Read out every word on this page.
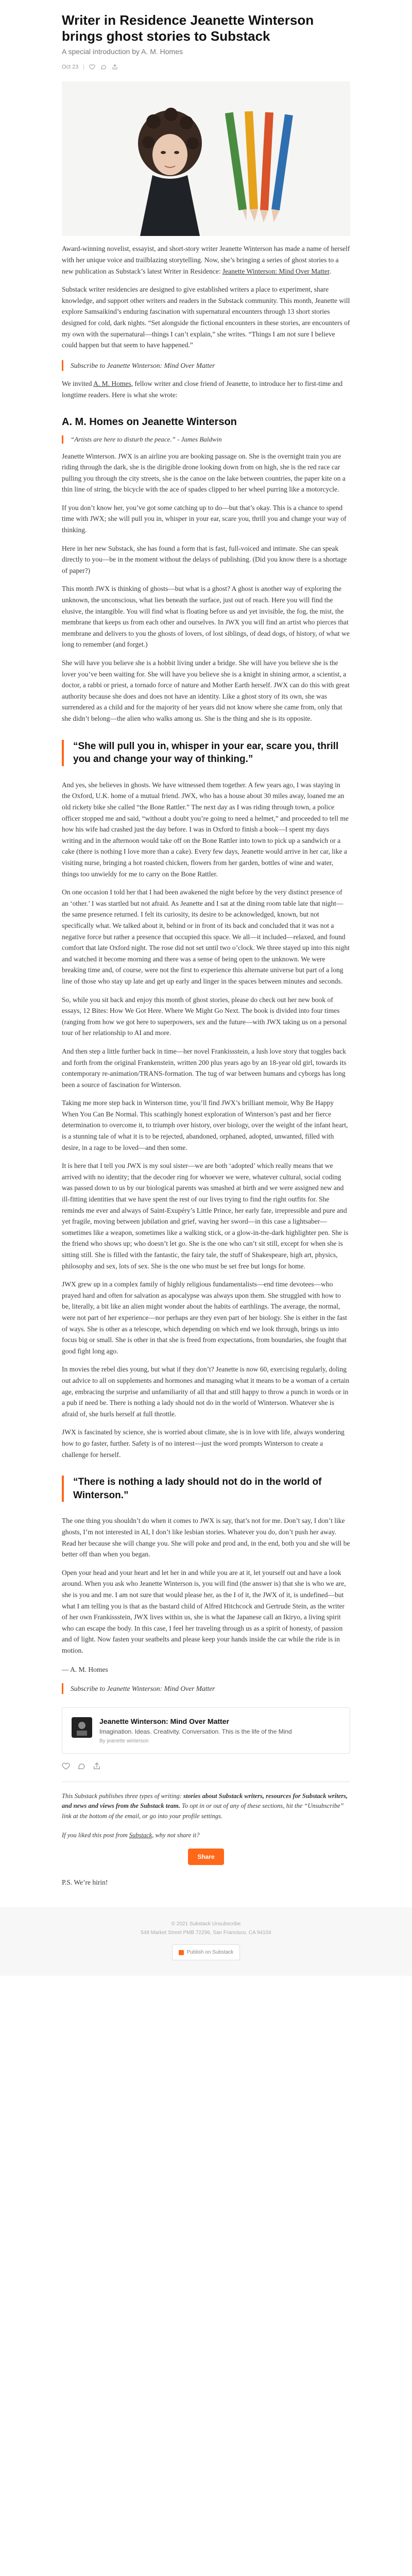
Writer in Residence Jeanette Winterson brings ghost stories to Substack
A special introduction by A. M. Homes
Oct 23

Award-winning novelist, essayist, and short-story writer Jeanette Winterson has made a name of herself with her unique voice and trailblazing storytelling. Now, she’s bringing a series of ghost stories to a new publication as Substack’s latest Writer in Residence: Jeanette Winterson: Mind Over Matter.

Substack writer residencies are designed to give established writers a place to experiment, share knowledge, and support other writers and readers in the Substack community. This month, Jeanette will explore Samsaikind’s enduring fascination with supernatural encounters through 13 short stories designed for cold, dark nights. “Set alongside the fictional encounters in these stories, are encounters of my own with the supernatural—things I can’t explain,” she writes. “Things I am not sure I believe could happen but that seem to have happened.”

Subscribe to Jeanette Winterson: Mind Over Matter

We invited A. M. Homes, fellow writer and close friend of Jeanette, to introduce her to first-time and longtime readers. Here is what she wrote:

A. M. Homes on Jeanette Winterson
“Artists are here to disturb the peace.” - James Baldwin

Jeanette Winterson. JWX is an airline you are booking passage on. She is the overnight train you are riding through the dark, she is the dirigible drone looking down from on high, she is the red race car pulling you through the city streets, she is the canoe on the lake between countries, the paper kite on a thin line of string, the bicycle with the ace of spades clipped to her wheel purring like a motorcycle.

If you don’t know her, you’ve got some catching up to do—but that’s okay. This is a chance to spend time with JWX; she will pull you in, whisper in your ear, scare you, thrill you and change your way of thinking.

Here in her new Substack, she has found a form that is fast, full-voiced and intimate. She can speak directly to you—be in the moment without the delays of publishing. (Did you know there is a shortage of paper?)

This month JWX is thinking of ghosts—but what is a ghost? A ghost is another way of exploring the unknown, the unconscious, what lies beneath the surface, just out of reach. Here you will find the elusive, the intangible. You will find what is floating before us and yet invisible, the fog, the mist, the membrane that keeps us from each other and ourselves. In JWX you will find an artist who pierces that membrane and delivers to you the ghosts of lovers, of lost siblings, of dead dogs, of history, of what we long to remember (and forget.)

She will have you believe she is a hobbit living under a bridge. She will have you believe she is the lover you’ve been waiting for. She will have you believe she is a knight in shining armor, a scientist, a doctor, a rabbi or priest, a tornado force of nature and Mother Earth herself. JWX can do this with great authority because she does and does not have an identity. Like a ghost story of its own, she was surrendered as a child and for the majority of her years did not know where she came from, only that she didn’t belong—the alien who walks among us. She is the thing and she is its opposite.

“She will pull you in, whisper in your ear, scare you, thrill you and change your way of thinking.”

And yes, she believes in ghosts. We have witnessed them together. A few years ago, I was staying in the Oxford, U.K. home of a mutual friend. JWX, who has a house about 30 miles away, loaned me an old rickety bike she called “the Bone Rattler.” The next day as I was riding through town, a police officer stopped me and said, “without a doubt you’re going to need a helmet,” and proceeded to tell me how his wife had crashed just the day before. I was in Oxford to finish a book—I spent my days writing and in the afternoon would take off on the Bone Rattler into town to pick up a sandwich or a cake (there is nothing I love more than a cake). Every few days, Jeanette would arrive in her car, like a visiting nurse, bringing a hot roasted chicken, flowers from her garden, bottles of wine and water, things too unwieldy for me to carry on the Bone Rattler.

On one occasion I told her that I had been awakened the night before by the very distinct presence of an ‘other.’ I was startled but not afraid. As Jeanette and I sat at the dining room table late that night—the same presence returned. I felt its curiosity, its desire to be acknowledged, known, but not specifically what. We talked about it, behind or in front of its back and concluded that it was not a negative force but rather a presence that occupied this space. We all—it included—relaxed, and found comfort that late Oxford night. The rose did not set until two o’clock. We three stayed up into this night and watched it become morning and there was a sense of being open to the unknown. We were breaking time and, of course, were not the first to experience this alternate universe but part of a long line of those who stay up late and get up early and linger in the spaces between minutes and seconds.

So, while you sit back and enjoy this month of ghost stories, please do check out her new book of essays, 12 Bites: How We Got Here. Where We Might Go Next. The book is divided into four times (ranging from how we got here to superpowers, sex and the future—with JWX taking us on a personal tour of her relationship to AI and more.

And then step a little further back in time—her novel Frankissstein, a lush love story that toggles back and forth from the original Frankenstein, written 200 plus years ago by an 18-year old girl, towards its contemporary re-animation/TRANS-formation. The tug of war between humans and cyborgs has long been a source of fascination for Winterson.

Taking me more step back in Winterson time, you’ll find JWX’s brilliant memoir, Why Be Happy When You Can Be Normal. This scathingly honest exploration of Winterson’s past and her fierce determination to overcome it, to triumph over history, over biology, over the weight of the infant heart, is a stunning tale of what it is to be rejected, abandoned, orphaned, adopted, unwanted, filled with desire, in a rage to be loved—and then some.

It is here that I tell you JWX is my soul sister—we are both ‘adopted’ which really means that we arrived with no identity; that the decoder ring for whoever we were, whatever cultural, social coding was passed down to us by our biological parents was smashed at birth and we were assigned new and ill-fitting identities that we have spent the rest of our lives trying to find the right outfits for. She reminds me ever and always of Saint-Exupéry’s Little Prince, her early fate, irrepressible and pure and yet fragile, moving between jubilation and grief, waving her sword—in this case a lightsaber—sometimes like a weapon, sometimes like a walking stick, or a glow-in-the-dark highlighter pen. She is the friend who shows up; who doesn’t let go. She is the one who can’t sit still, except for when she is sitting still. She is filled with the fantastic, the fairy tale, the stuff of Shakespeare, high art, physics, philosophy and sex, lots of sex. She is the one who must be set free but longs for home.

JWX grew up in a complex family of highly religious fundamentalists—end time devotees—who prayed hard and often for salvation as apocalypse was always upon them. She struggled with how to be, literally, a bit like an alien might wonder about the habits of earthlings. The average, the normal, were not part of her experience—nor perhaps are they even part of her biology. She is either in the fast of ways. She is other as a telescope, which depending on which end we look through, brings us into focus big or small. She is other in that she is freed from expectations, from boundaries, she fought that good fight long ago.

In movies the rebel dies young, but what if they don’t? Jeanette is now 60, exercising regularly, doling out advice to all on supplements and hormones and managing what it means to be a woman of a certain age, embracing the surprise and unfamiliarity of all that and still happy to throw a punch in words or in a pub if need be. There is nothing a lady should not do in the world of Winterson. Whatever she is afraid of, she hurls herself at full throttle.

JWX is fascinated by science, she is worried about climate, she is in love with life, always wondering how to go faster, further. Safety is of no interest—just the word prompts Winterson to create a challenge for herself.

“There is nothing a lady should not do in the world of Winterson.”

The one thing you shouldn’t do when it comes to JWX is say, that’s not for me. Don’t say, I don’t like ghosts, I’m not interested in AI, I don’t like lesbian stories. Whatever you do, don’t push her away. Read her because she will change you. She will poke and prod and, in the end, both you and she will be better off than when you began.

Open your head and your heart and let her in and while you are at it, let yourself out and have a look around. When you ask who Jeanette Winterson is, you will find (the answer is) that she is who we are, she is you and me. I am not sure that would please her, as the I of it, the JWX of it, is undefined—but what I am telling you is that as the bastard child of Alfred Hitchcock and Gertrude Stein, as the writer of her own Frankissstein, JWX lives within us, she is what the Japanese call an Ikiryo, a living spirit who can escape the body. In this case, I feel her traveling through us as a spirit of honesty, of passion and of light. Now fasten your seatbelts and please keep your hands inside the car while the ride is in motion.

— A. M. Homes

Subscribe to Jeanette Winterson: Mind Over Matter
Jeanette Winterson: Mind Over Matter
Imagination. Ideas. Creativity. Conversation. This is the life of the Mind
By jeanette winterson

This Substack publishes three types of writing: stories about Substack writers, resources for Substack writers, and news and views from the Substack team. To opt in or out of any of these sections, hit the “Unsubscribe” link at the bottom of the email, or go into your profile settings.

If you liked this post from Substack, why not share it?

Share

P.S. We’re hirin!

© 2021 Substack Unsubscribe
548 Market Street PMB 72296, San Francisco, CA 94104
Publish on Substack
